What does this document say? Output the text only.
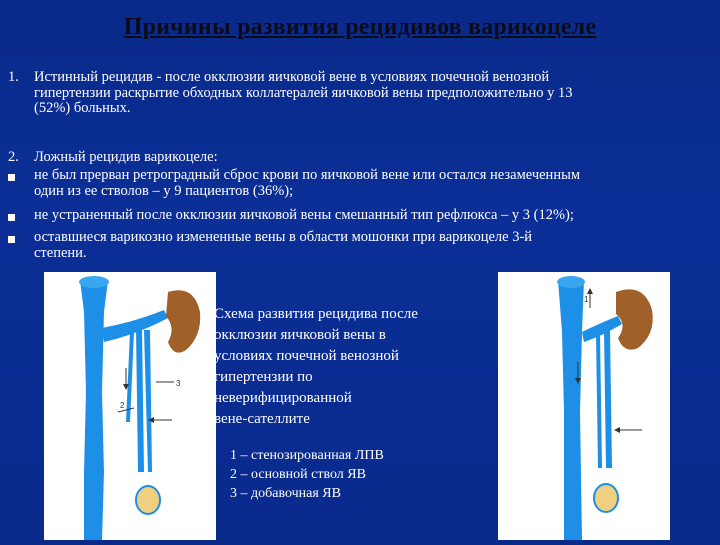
Причины развития рецидивов варикоцеле
1. Истинный рецидив - после окклюзии яичковой вене в условиях почечной венозной
гипертензии раскрытие обходных коллатералей яичковой вены предположительно у 13
(52%) больных.
2. Ложный рецидив варикоцеле:
не был прерван ретроградный сброс крови по яичковой вене или остался незамеченным
один из ее стволов – у 9 пациентов (36%);
не устраненный после окклюзии яичковой вены смешанный тип рефлюкса – у 3 (12%);
оставшиеся варикозно измененные вены в области мошонки при варикоцеле 3-й
степени.
3
2
Схема развития рецидива после
окклюзии яичковой вены в
условиях почечной венозной
гипертензии по
неверифицированной
вене-сателлите
1 – стенозированная ЛПВ
2 – основной ствол ЯВ
3 – добавочная ЯВ
1
